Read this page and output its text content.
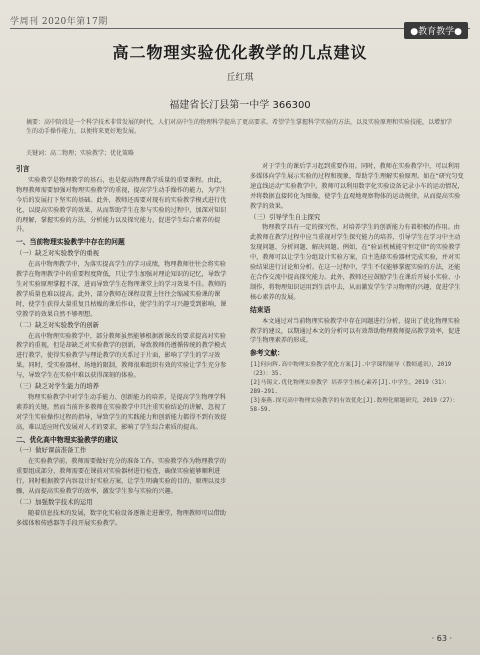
学周刊 2020年第17期
●教育教学●
高二物理实验优化教学的几点建议
丘红琪
福建省长汀县第一中学 366300
摘要：高中阶段是一个科学技术非常发展的时代，人们对高中生的物理科学提出了更高要求。希望学生掌握科学实验的方法，以及实验原理和实验技能，以增加学生的动手操作能力，以便将来更好地发展。
关键词：高二物理；实验教学；优化策略
引言

实验教学是物理教学的基石，也是提高物理教学质量的重要课程。由此，物理教师需要加强对物理实验教学的重视，提高学生动手操作的能力，为学生今后的发展打下坚实的基础。此外，教师还需要对现有的实验教学模式进行优化，以提高实验教学的效果，从而帮助学生在参与实验的过程中，加深对知识的理解，掌握实验的方法，分析能力以及探究能力，促进学生综合素养的提升。

一、当前物理实验教学中存在的问题
（一）缺乏对实验教学的重视

在高中物理教学中，为落实提高学生的学习成绩，物理教师往往会将实验教学在物理教学中的重要程度降低，只让学生加强对理论知识的记忆，导致学生对实验原理掌握不深，进而导致学生在物理课堂上的学习效果不佳。教师的教学质量也难以提高。此外，部分教师在课程设置上往往会缩减实验课的课时，使学生获得大量重复且枯燥的课后作业，使学生的学习兴趣受到影响，课堂教学的效果自然不够理想。

（二）缺乏对实验教学的创新

在高中物理实验教学中，部分教师虽然能够根据新课改的要求提高对实验教学的重视，但是却缺乏对实验教学的创新，导致教师仍遵循传统的教学模式进行教学，使得实验教学与理论教学的关系过于片面，影响了学生的学习效果。同时，受实验器材、场地的限制，教师很难组织有效的实验让学生充分参与，导致学生在实验中难以获得深刻的体验。

（三）缺乏对学生能力的培养

物理实验教学中对学生动手能力、创新能力的培养，是提高学生物理学科素养的关键。然而当前许多教师在实验教学中只注重实验结论的讲解，忽视了对学生实验操作过程的指导，导致学生的实践能力和创新能力都得不到有效提高，难以适应时代发展对人才的要求，影响了学生综合素质的提高。

二、优化高中物理实验教学的建议
（一）做好课前准备工作

在实验教学前，教师需要做好充分的准备工作。实验教学作为物理教学的重要组成部分，教师需要在课前对实验器材进行检查，确保实验能够顺利进行，同时根据教学内容设计好实验方案，让学生明确实验的目的、原理以及步骤，从而提高实验教学的效率，激发学生参与实验的兴趣。

（二）加强数字技术的运用

随着信息技术的发展，数字化实验设备逐渐走进课堂，物理教师可以借助多媒体和传感器等手段开展实验教学。

对于学生的课后学习起到重要作用。同时，教师在实验教学中，可以利用多媒体向学生展示实验的过程和现象，帮助学生理解实验原理。如在“研究匀变速直线运动”实验教学中，教师可以利用数字化实验设备记录小车的运动情况，并将数据直接转化为图像，使学生直观地观察物体的运动规律，从而提高实验教学的效果。

（三）引导学生自主探究

物理教学具有一定的探究性，对培养学生的创新能力有着积极的作用。由此教师在教学过程中应当重视对学生探究能力的培养，引导学生在学习中主动发现问题、分析问题、解决问题。例如，在“验证机械能守恒定律”的实验教学中，教师可以让学生分组设计实验方案，自主选择实验器材完成实验，并对实验结果进行讨论和分析。在这一过程中，学生不仅能够掌握实验的方法，还能在合作交流中提高探究能力。此外，教师还应鼓励学生在课后开展小实验、小制作，将物理知识运用到生活中去，从而激发学生学习物理的兴趣，促进学生核心素养的发展。

结束语

本文通过对当前物理实验教学中存在问题进行分析，提出了优化物理实验教学的建议，以期通过本文的分析可以有效帮助物理教师提高教学效率，促进学生物理素养的形成。

参考文献：
[1]何向辉.高中物理实验教学优化方案[J].中学课程辅导（教师通讯），2019（23）：35.
[2]马锡文.优化物理实验教学 培养学生核心素养[J].中学生，2019（31）：289-291.
[3]秦燕.探究高中物理实验教学的有效优化[J].数理化解题研究，2019（27）：58-59.
· 63 ·
